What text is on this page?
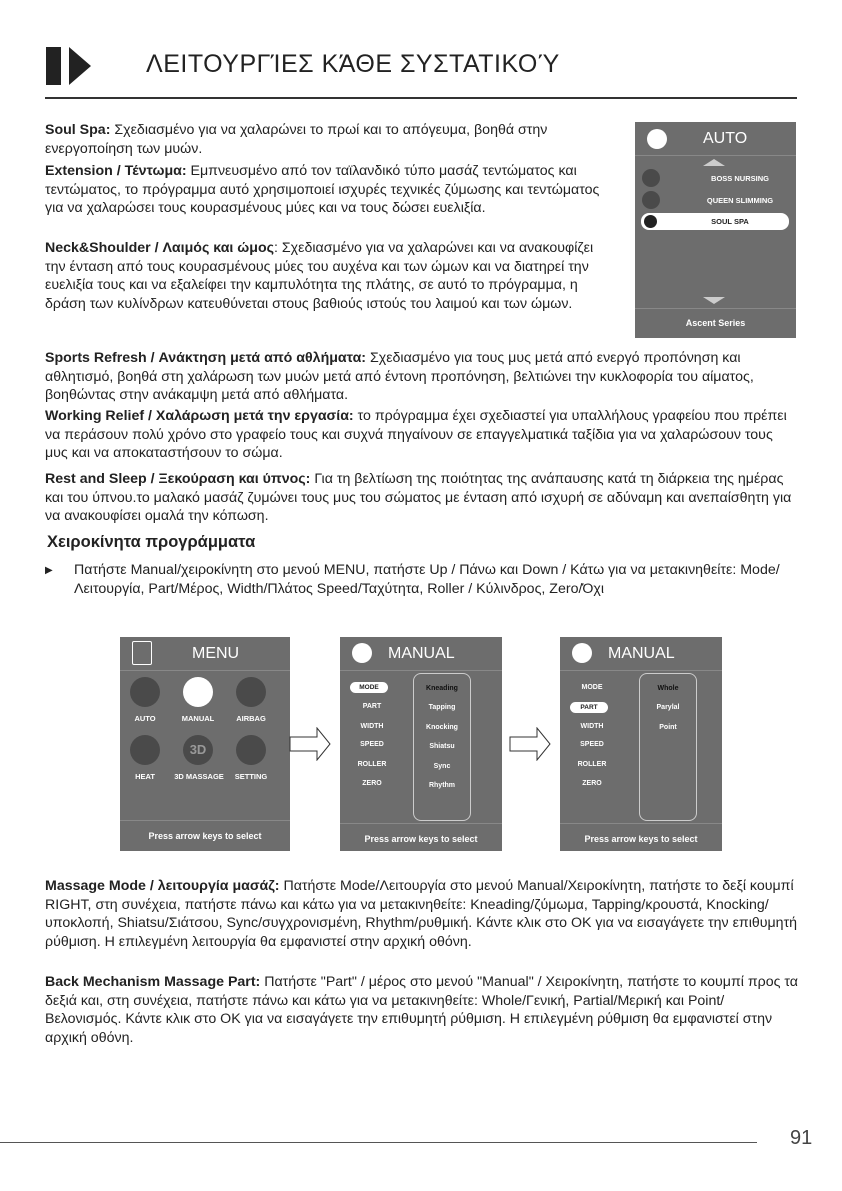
ΛΕΙΤΟΥΡΓΊΕΣ ΚΆΘΕ ΣΥΣΤΑΤΙΚΟΎ
Soul Spa: Σχεδιασμένο για να χαλαρώνει το πρωί και το απόγευμα, βοηθά στην ενεργοποίηση των μυών.
Extension / Τέντωμα: Εμπνευσμένο από τον ταϊλανδικό τύπο μασάζ τεντώματος και τεντώματος, το πρόγραμμα αυτό χρησιμοποιεί ισχυρές τεχνικές ζύμωσης και τεντώματος για να χαλαρώσει τους κουρασμένους μύες και να τους δώσει ευελιξία.
Neck&Shoulder / Λαιμός και ώμος: Σχεδιασμένο για να χαλαρώνει και να ανακουφίζει την ένταση από τους κουρασμένους μύες του αυχένα και των ώμων και να διατηρεί την ευελιξία τους και να εξαλείφει την καμπυλότητα της πλάτης, σε αυτό το πρόγραμμα, η δράση των κυλίνδρων κατευθύνεται στους βαθιούς ιστούς του λαιμού και των ώμων.
Sports Refresh / Ανάκτηση μετά από αθλήματα: Σχεδιασμένο για τους μυς μετά από ενεργό προπόνηση και αθλητισμό, βοηθά στη χαλάρωση των μυών μετά από έντονη προπόνηση, βελτιώνει την κυκλοφορία του αίματος, βοηθώντας στην ανάκαμψη μετά από αθλήματα.
Working Relief / Χαλάρωση μετά την εργασία: το πρόγραμμα έχει σχεδιαστεί για υπαλλήλους γραφείου που πρέπει να περάσουν πολύ χρόνο στο γραφείο τους και συχνά πηγαίνουν σε επαγγελματικά ταξίδια για να χαλαρώσουν τους μυς και να αποκαταστήσουν το σώμα.
Rest and Sleep / Ξεκούραση και ύπνος: Για τη βελτίωση της ποιότητας της ανάπαυσης κατά τη διάρκεια της ημέρας και του ύπνου.το μαλακό μασάζ ζυμώνει τους μυς του σώματος με ένταση από ισχυρή σε αδύναμη και ανεπαίσθητη για να ανακουφίσει ομαλά την κόπωση.
AUTO
BOSS NURSING
QUEEN SLIMMING
SOUL SPA
Ascent Series
Χειροκίνητα προγράμματα
▶ Πατήστε Manual/χειροκίνητη στο μενού MENU, πατήστε Up / Πάνω και Down / Κάτω για να μετακινηθείτε: Mode/Λειτουργία, Part/Μέρος, Width/Πλάτος Speed/Ταχύτητα, Roller / Κύλινδρος, Zero/Όχι
MENU
AUTO	MANUAL	AIRBAG
HEAT
3D
3D MASSAGE	SETTING
Press arrow keys to select
MANUAL
MODE
PART
WIDTH
SPEED
ROLLER
ZERO
Kneading
Tapping
Knocking
Shiatsu
Sync
Rhythm
Press arrow keys to select
MANUAL
MODE
PART
WIDTH
SPEED
ROLLER
ZERO
Whole
Parylal
Point
Press arrow keys to select
Massage Mode / λειτουργία μασάζ: Πατήστε Mode/Λειτουργία στο μενού Manual/Χειροκίνητη, πατήστε το δεξί κουμπί RIGHT, στη συνέχεια, πατήστε πάνω και κάτω για να μετακινηθείτε: Kneading/ζύμωμα, Tapping/κρουστά, Knocking/υποκλοπή, Shiatsu/Σιάτσου, Sync/συγχρονισμένη, Rhythm/ρυθμική. Κάντε κλικ στο OK για να εισαγάγετε την επιθυμητή ρύθμιση. Η επιλεγμένη λειτουργία θα εμφανιστεί στην αρχική οθόνη.
Back Mechanism Massage Part: Πατήστε "Part" / μέρος στο μενού "Manual" / Χειροκίνητη, πατήστε το κουμπί προς τα δεξιά και, στη συνέχεια, πατήστε πάνω και κάτω για να μετακινηθείτε: Whole/Γενική, Partial/Μερική και Point/Βελονισμός. Κάντε κλικ στο OK για να εισαγάγετε την επιθυμητή ρύθμιση. Η επιλεγμένη ρύθμιση θα εμφανιστεί στην αρχική οθόνη.
91
